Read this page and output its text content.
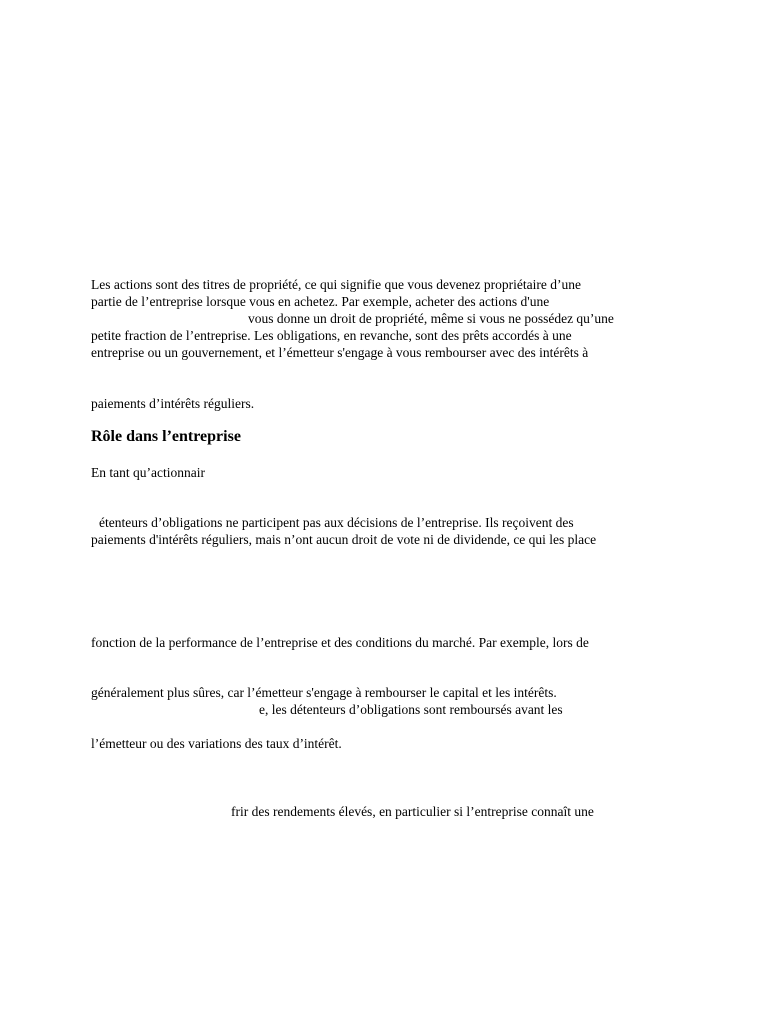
Les actions sont des titres de propriété, ce qui signifie que vous devenez propriétaire d’une
partie de l’entreprise lorsque vous en achetez. Par exemple, acheter des actions d'une
vous donne un droit de propriété, même si vous ne possédez qu’une
petite fraction de l’entreprise. Les obligations, en revanche, sont des prêts accordés à une
entreprise ou un gouvernement, et l’émetteur s'engage à vous rembourser avec des intérêts à
paiements d’intérêts réguliers.
Rôle dans l’entreprise
En tant qu’actionnair
étenteurs d’obligations ne participent pas aux décisions de l’entreprise. Ils reçoivent des
paiements d'intérêts réguliers, mais n’ont aucun droit de vote ni de dividende, ce qui les place
fonction de la performance de l’entreprise et des conditions du marché. Par exemple, lors de
généralement plus sûres, car l’émetteur s'engage à rembourser le capital et les intérêts.
e, les détenteurs d’obligations sont remboursés avant les
l’émetteur ou des variations des taux d’intérêt.
frir des rendements élevés, en particulier si l’entreprise connaît une
